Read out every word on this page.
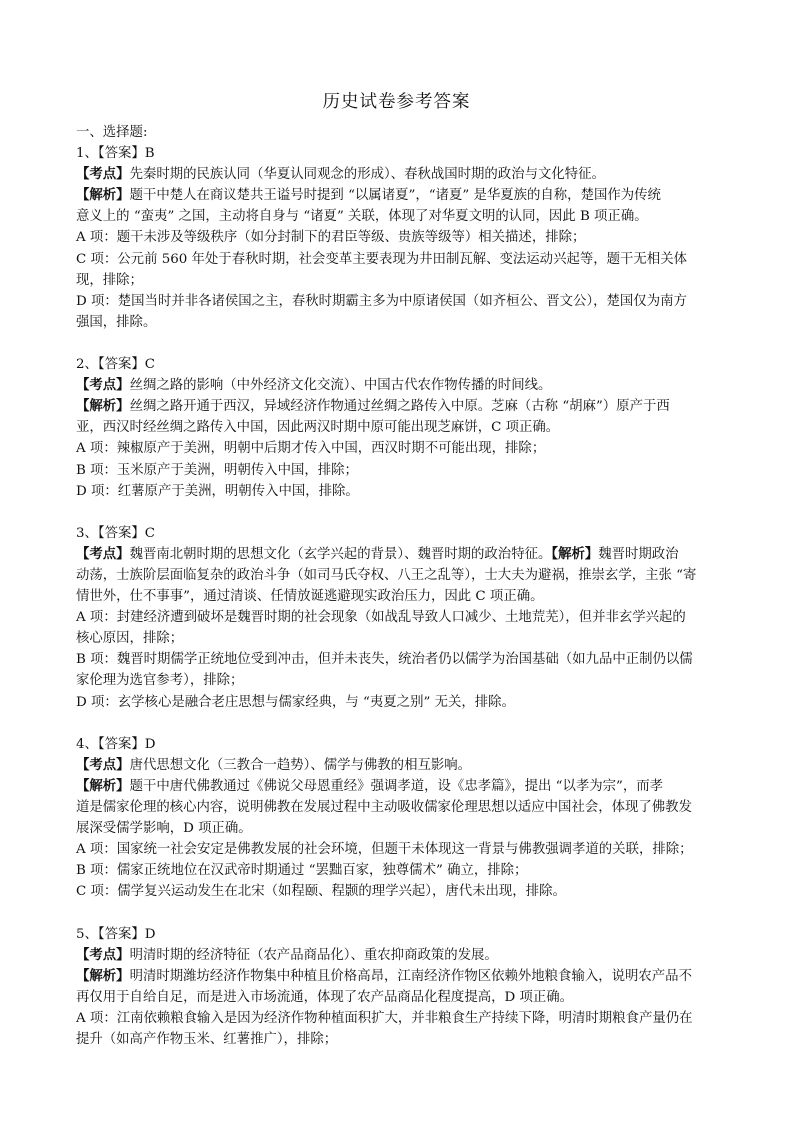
历史试卷参考答案
一、选择题:
1、【答案】B
【考点】先秦时期的民族认同（华夏认同观念的形成）、春秋战国时期的政治与文化特征。
【解析】题干中楚人在商议楚共王谥号时提到 “以属诸夏”，“诸夏” 是华夏族的自称，楚国作为传统
意义上的 “蛮夷” 之国，主动将自身与 “诸夏” 关联，体现了对华夏文明的认同，因此 B 项正确。
A 项：题干未涉及等级秩序（如分封制下的君臣等级、贵族等级等）相关描述，排除；
C 项：公元前 560 年处于春秋时期，社会变革主要表现为井田制瓦解、变法运动兴起等，题干无相关体
现，排除；
D 项：楚国当时并非各诸侯国之主，春秋时期霸主多为中原诸侯国（如齐桓公、晋文公），楚国仅为南方
强国，排除。
2、【答案】C
【考点】丝绸之路的影响（中外经济文化交流）、中国古代农作物传播的时间线。
【解析】丝绸之路开通于西汉，异域经济作物通过丝绸之路传入中原。芝麻（古称 “胡麻”）原产于西
亚，西汉时经丝绸之路传入中国，因此两汉时期中原可能出现芝麻饼，C 项正确。
A 项：辣椒原产于美洲，明朝中后期才传入中国，西汉时期不可能出现，排除；
B 项：玉米原产于美洲，明朝传入中国，排除；
D 项：红薯原产于美洲，明朝传入中国，排除。
3、【答案】C
【考点】魏晋南北朝时期的思想文化（玄学兴起的背景）、魏晋时期的政治特征。【解析】魏晋时期政治
动荡，士族阶层面临复杂的政治斗争（如司马氏夺权、八王之乱等），士大夫为避祸，推崇玄学，主张 “寄
情世外，仕不事事”，通过清谈、任情放诞逃避现实政治压力，因此 C 项正确。
A 项：封建经济遭到破坏是魏晋时期的社会现象（如战乱导致人口减少、土地荒芜），但并非玄学兴起的
核心原因，排除；
B 项：魏晋时期儒学正统地位受到冲击，但并未丧失，统治者仍以儒学为治国基础（如九品中正制仍以儒
家伦理为选官参考），排除；
D 项：玄学核心是融合老庄思想与儒家经典，与 “夷夏之别” 无关，排除。
4、【答案】D
【考点】唐代思想文化（三教合一趋势）、儒学与佛教的相互影响。
【解析】题干中唐代佛教通过《佛说父母恩重经》强调孝道，设《忠孝篇》，提出 “以孝为宗”，而孝
道是儒家伦理的核心内容，说明佛教在发展过程中主动吸收儒家伦理思想以适应中国社会，体现了佛教发
展深受儒学影响，D 项正确。
A 项：国家统一社会安定是佛教发展的社会环境，但题干未体现这一背景与佛教强调孝道的关联，排除；
B 项：儒家正统地位在汉武帝时期通过 “罢黜百家，独尊儒术” 确立，排除；
C 项：儒学复兴运动发生在北宋（如程颐、程颢的理学兴起），唐代未出现，排除。
5、【答案】D
【考点】明清时期的经济特征（农产品商品化）、重农抑商政策的发展。
【解析】明清时期潍坊经济作物集中种植且价格高昂，江南经济作物区依赖外地粮食输入，说明农产品不
再仅用于自给自足，而是进入市场流通，体现了农产品商品化程度提高，D 项正确。
A 项：江南依赖粮食输入是因为经济作物种植面积扩大，并非粮食生产持续下降，明清时期粮食产量仍在
提升（如高产作物玉米、红薯推广），排除；
